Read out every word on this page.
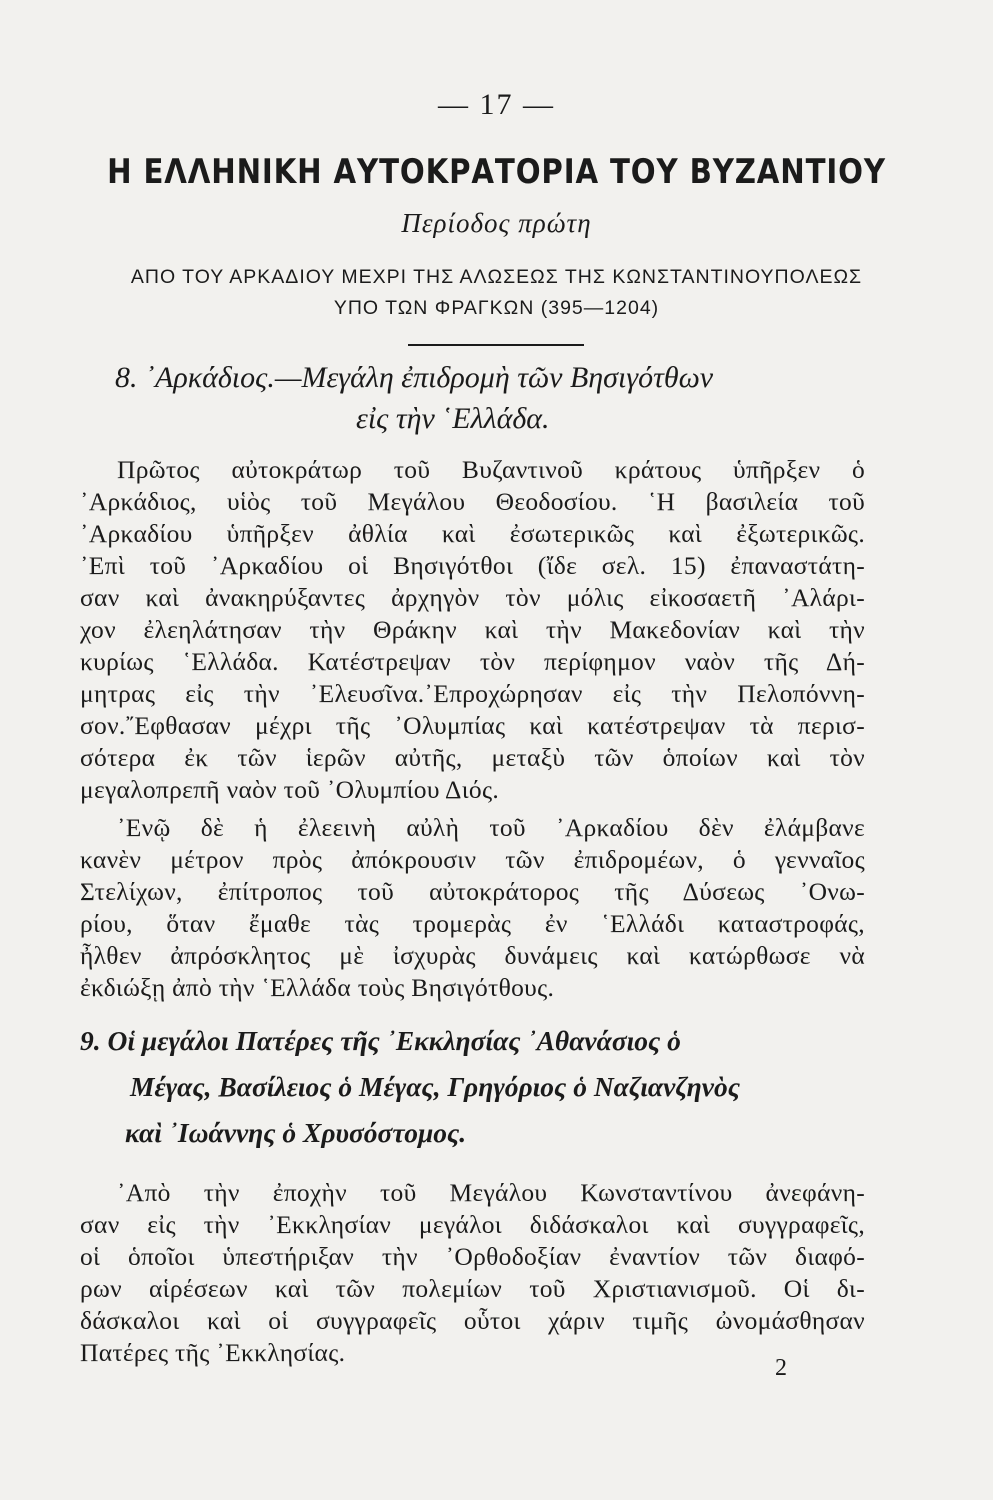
— 17 —
Η ΕΛΛΗΝΙΚΗ ΑΥΤΟΚΡΑΤΟΡΙΑ ΤΟΥ ΒΥΖΑΝΤΙΟΥ
Περίοδος πρώτη
ΑΠΟ ΤΟΥ ΑΡΚΑΔΙΟΥ ΜΕΧΡΙ ΤΗΣ ΑΛΩΣΕΩΣ ΤΗΣ ΚΩΝΣΤΑΝΤΙΝΟΥΠΟΛΕΩΣ
ΥΠΟ ΤΩΝ ΦΡΑΓΚΩΝ (395—1204)
8. ᾿Αρκάδιος.—Μεγάλη ἐπιδρομὴ τῶν Βησιγότθων
εἰς τὴν ῾Ελλάδα.
Πρῶτος αὐτοκράτωρ τοῦ Βυζαντινοῦ κράτους ὑπῆρξεν ὁ
᾿Αρκάδιος, υἱὸς τοῦ Μεγάλου Θεοδοσίου. ῾Η βασιλεία τοῦ
᾿Αρκαδίου ὑπῆρξεν ἀθλία καὶ ἐσωτερικῶς καὶ ἐξωτερικῶς.
᾿Επὶ τοῦ ᾿Αρκαδίου οἱ Βησιγότθοι (ἴδε σελ. 15) ἐπαναστάτη-
σαν καὶ ἀνακηρύξαντες ἀρχηγὸν τὸν μόλις εἰκοσαετῆ ᾿Αλάρι-
χον ἐλεηλάτησαν τὴν Θράκην καὶ τὴν Μακεδονίαν καὶ τὴν
κυρίως ῾Ελλάδα. Κατέστρεψαν τὸν περίφημον ναὸν τῆς Δή-
μητρας εἰς τὴν ᾿Ελευσῖνα.᾿Επροχώρησαν εἰς τὴν Πελοπόννη-
σον.῎Εφθασαν μέχρι τῆς ᾿Ολυμπίας καὶ κατέστρεψαν τὰ περισ-
σότερα ἐκ τῶν ἱερῶν αὐτῆς, μεταξὺ τῶν ὁποίων καὶ τὸν
μεγαλοπρεπῆ ναὸν τοῦ ᾿Ολυμπίου Διός.
᾿Ενῷ δὲ ἡ ἐλεεινὴ αὐλὴ τοῦ ᾿Αρκαδίου δὲν ἐλάμβανε
κανὲν μέτρον πρὸς ἀπόκρουσιν τῶν ἐπιδρομέων, ὁ γενναῖος
Στελίχων, ἐπίτροπος τοῦ αὐτοκράτορος τῆς Δύσεως ᾿Ονω-
ρίου, ὅταν ἔμαθε τὰς τρομερὰς ἐν ῾Ελλάδι καταστροφάς,
ἦλθεν ἀπρόσκλητος μὲ ἰσχυρὰς δυνάμεις καὶ κατώρθωσε νὰ
ἐκδιώξῃ ἀπὸ τὴν ῾Ελλάδα τοὺς Βησιγότθους.
9. Οἱ μεγάλοι Πατέρες τῆς ᾿Εκκλησίας ᾿Αθανάσιος ὁ
Μέγας, Βασίλειος ὁ Μέγας, Γρηγόριος ὁ Ναζιανζηνὸς
καὶ ᾿Ιωάννης ὁ Χρυσόστομος.
᾿Απὸ τὴν ἐποχὴν τοῦ Μεγάλου Κωνσταντίνου ἀνεφάνη-
σαν εἰς τὴν ᾿Εκκλησίαν μεγάλοι διδάσκαλοι καὶ συγγραφεῖς,
οἱ ὁποῖοι ὑπεστήριξαν τὴν ᾿Ορθοδοξίαν ἐναντίον τῶν διαφό-
ρων αἱρέσεων καὶ τῶν πολεμίων τοῦ Χριστιανισμοῦ. Οἱ δι-
δάσκαλοι καὶ οἱ συγγραφεῖς οὗτοι χάριν τιμῆς ὠνομάσθησαν
Πατέρες τῆς ᾿Εκκλησίας.
2
